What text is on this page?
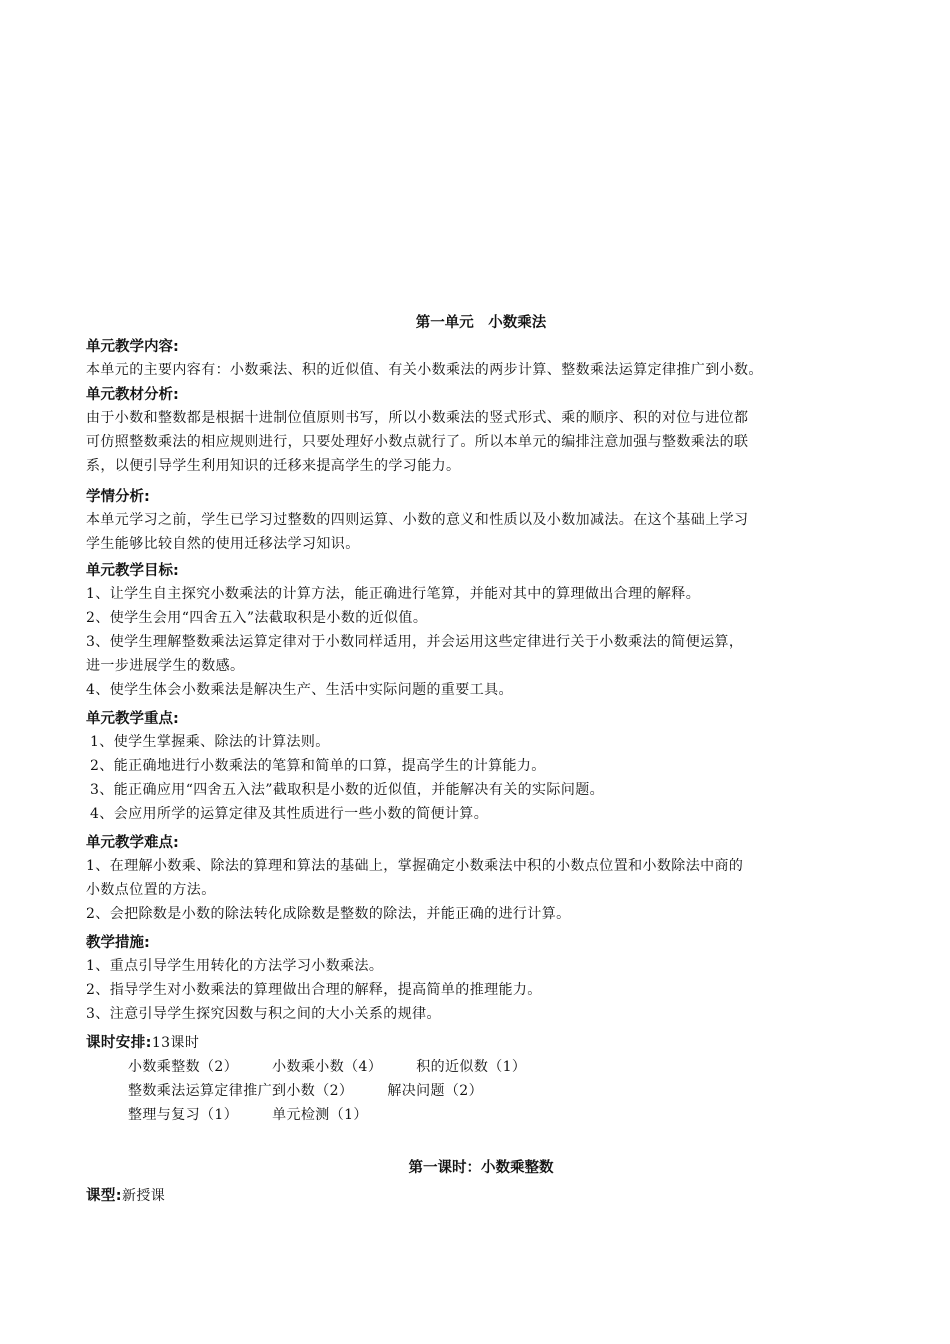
第一单元　小数乘法
单元教学内容:
本单元的主要内容有：小数乘法、积的近似值、有关小数乘法的两步计算、整数乘法运算定律推广到小数。
单元教材分析:
由于小数和整数都是根据十进制位值原则书写，所以小数乘法的竖式形式、乘的顺序、积的对位与进位都
可仿照整数乘法的相应规则进行，只要处理好小数点就行了。所以本单元的编排注意加强与整数乘法的联
系，以便引导学生利用知识的迁移来提高学生的学习能力。
学情分析:
本单元学习之前，学生已学习过整数的四则运算、小数的意义和性质以及小数加减法。在这个基础上学习
学生能够比较自然的使用迁移法学习知识。
单元教学目标:
1、让学生自主探究小数乘法的计算方法，能正确进行笔算，并能对其中的算理做出合理的解释。
2、使学生会用“四舍五入”法截取积是小数的近似值。
3、使学生理解整数乘法运算定律对于小数同样适用，并会运用这些定律进行关于小数乘法的简便运算，
进一步进展学生的数感。
4、使学生体会小数乘法是解决生产、生活中实际问题的重要工具。
单元教学重点:
1、使学生掌握乘、除法的计算法则。
2、能正确地进行小数乘法的笔算和简单的口算，提高学生的计算能力。
3、能正确应用“四舍五入法”截取积是小数的近似值，并能解决有关的实际问题。
4、会应用所学的运算定律及其性质进行一些小数的简便计算。
单元教学难点:
1、在理解小数乘、除法的算理和算法的基础上，掌握确定小数乘法中积的小数点位置和小数除法中商的
小数点位置的方法。
2、会把除数是小数的除法转化成除数是整数的除法，并能正确的进行计算。
教学措施:
1、重点引导学生用转化的方法学习小数乘法。
2、指导学生对小数乘法的算理做出合理的解释，提高简单的推理能力。
3、注意引导学生探究因数与积之间的大小关系的规律。
课时安排:13课时
小数乘整数（2） 小数乘小数（4） 积的近似数（1）
整数乘法运算定律推广到小数（2） 解决问题（2）
整理与复习（1） 单元检测（1）
第一课时：小数乘整数
课型:新授课
